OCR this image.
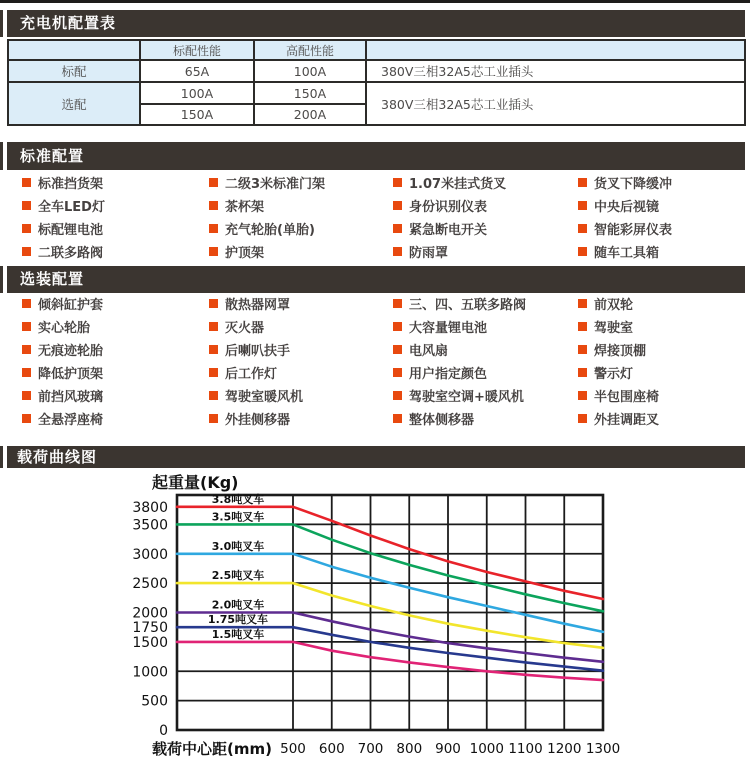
充电机配置表
	标配性能	高配性能	
标配	65A	100A	380V三相32A5芯工业插头
选配	100A	150A	380V三相32A5芯工业插头
	150A	200A	
标准配置
标准挡货架	二级3米标准门架	1.07米挂式货叉	货叉下降缓冲
全车LED灯	茶杯架	身份识别仪表	中央后视镜
标配锂电池	充气轮胎(单胎)	紧急断电开关	智能彩屏仪表
二联多路阀	护顶架	防雨罩	随车工具箱
选装配置
倾斜缸护套	散热器网罩	三、四、五联多路阀	前双轮
实心轮胎	灭火器	大容量锂电池	驾驶室
无痕迹轮胎	后喇叭扶手	电风扇	焊接顶棚
降低护顶架	后工作灯	用户指定颜色	警示灯
前挡风玻璃	驾驶室暖风机	驾驶室空调+暖风机	半包围座椅
全悬浮座椅	外挂侧移器	整体侧移器	外挂调距叉
载荷曲线图
3.8吨叉车
3.5吨叉车
3.0吨叉车
2.5吨叉车
2.0吨叉车
1.75吨叉车
1.5吨叉车
3800
3500
3000
2500
2000
1750
1500
1000
500
0
500 600 700 800 900 1000 1100 1200 1300
起重量(Kg)
载荷中心距(mm)
